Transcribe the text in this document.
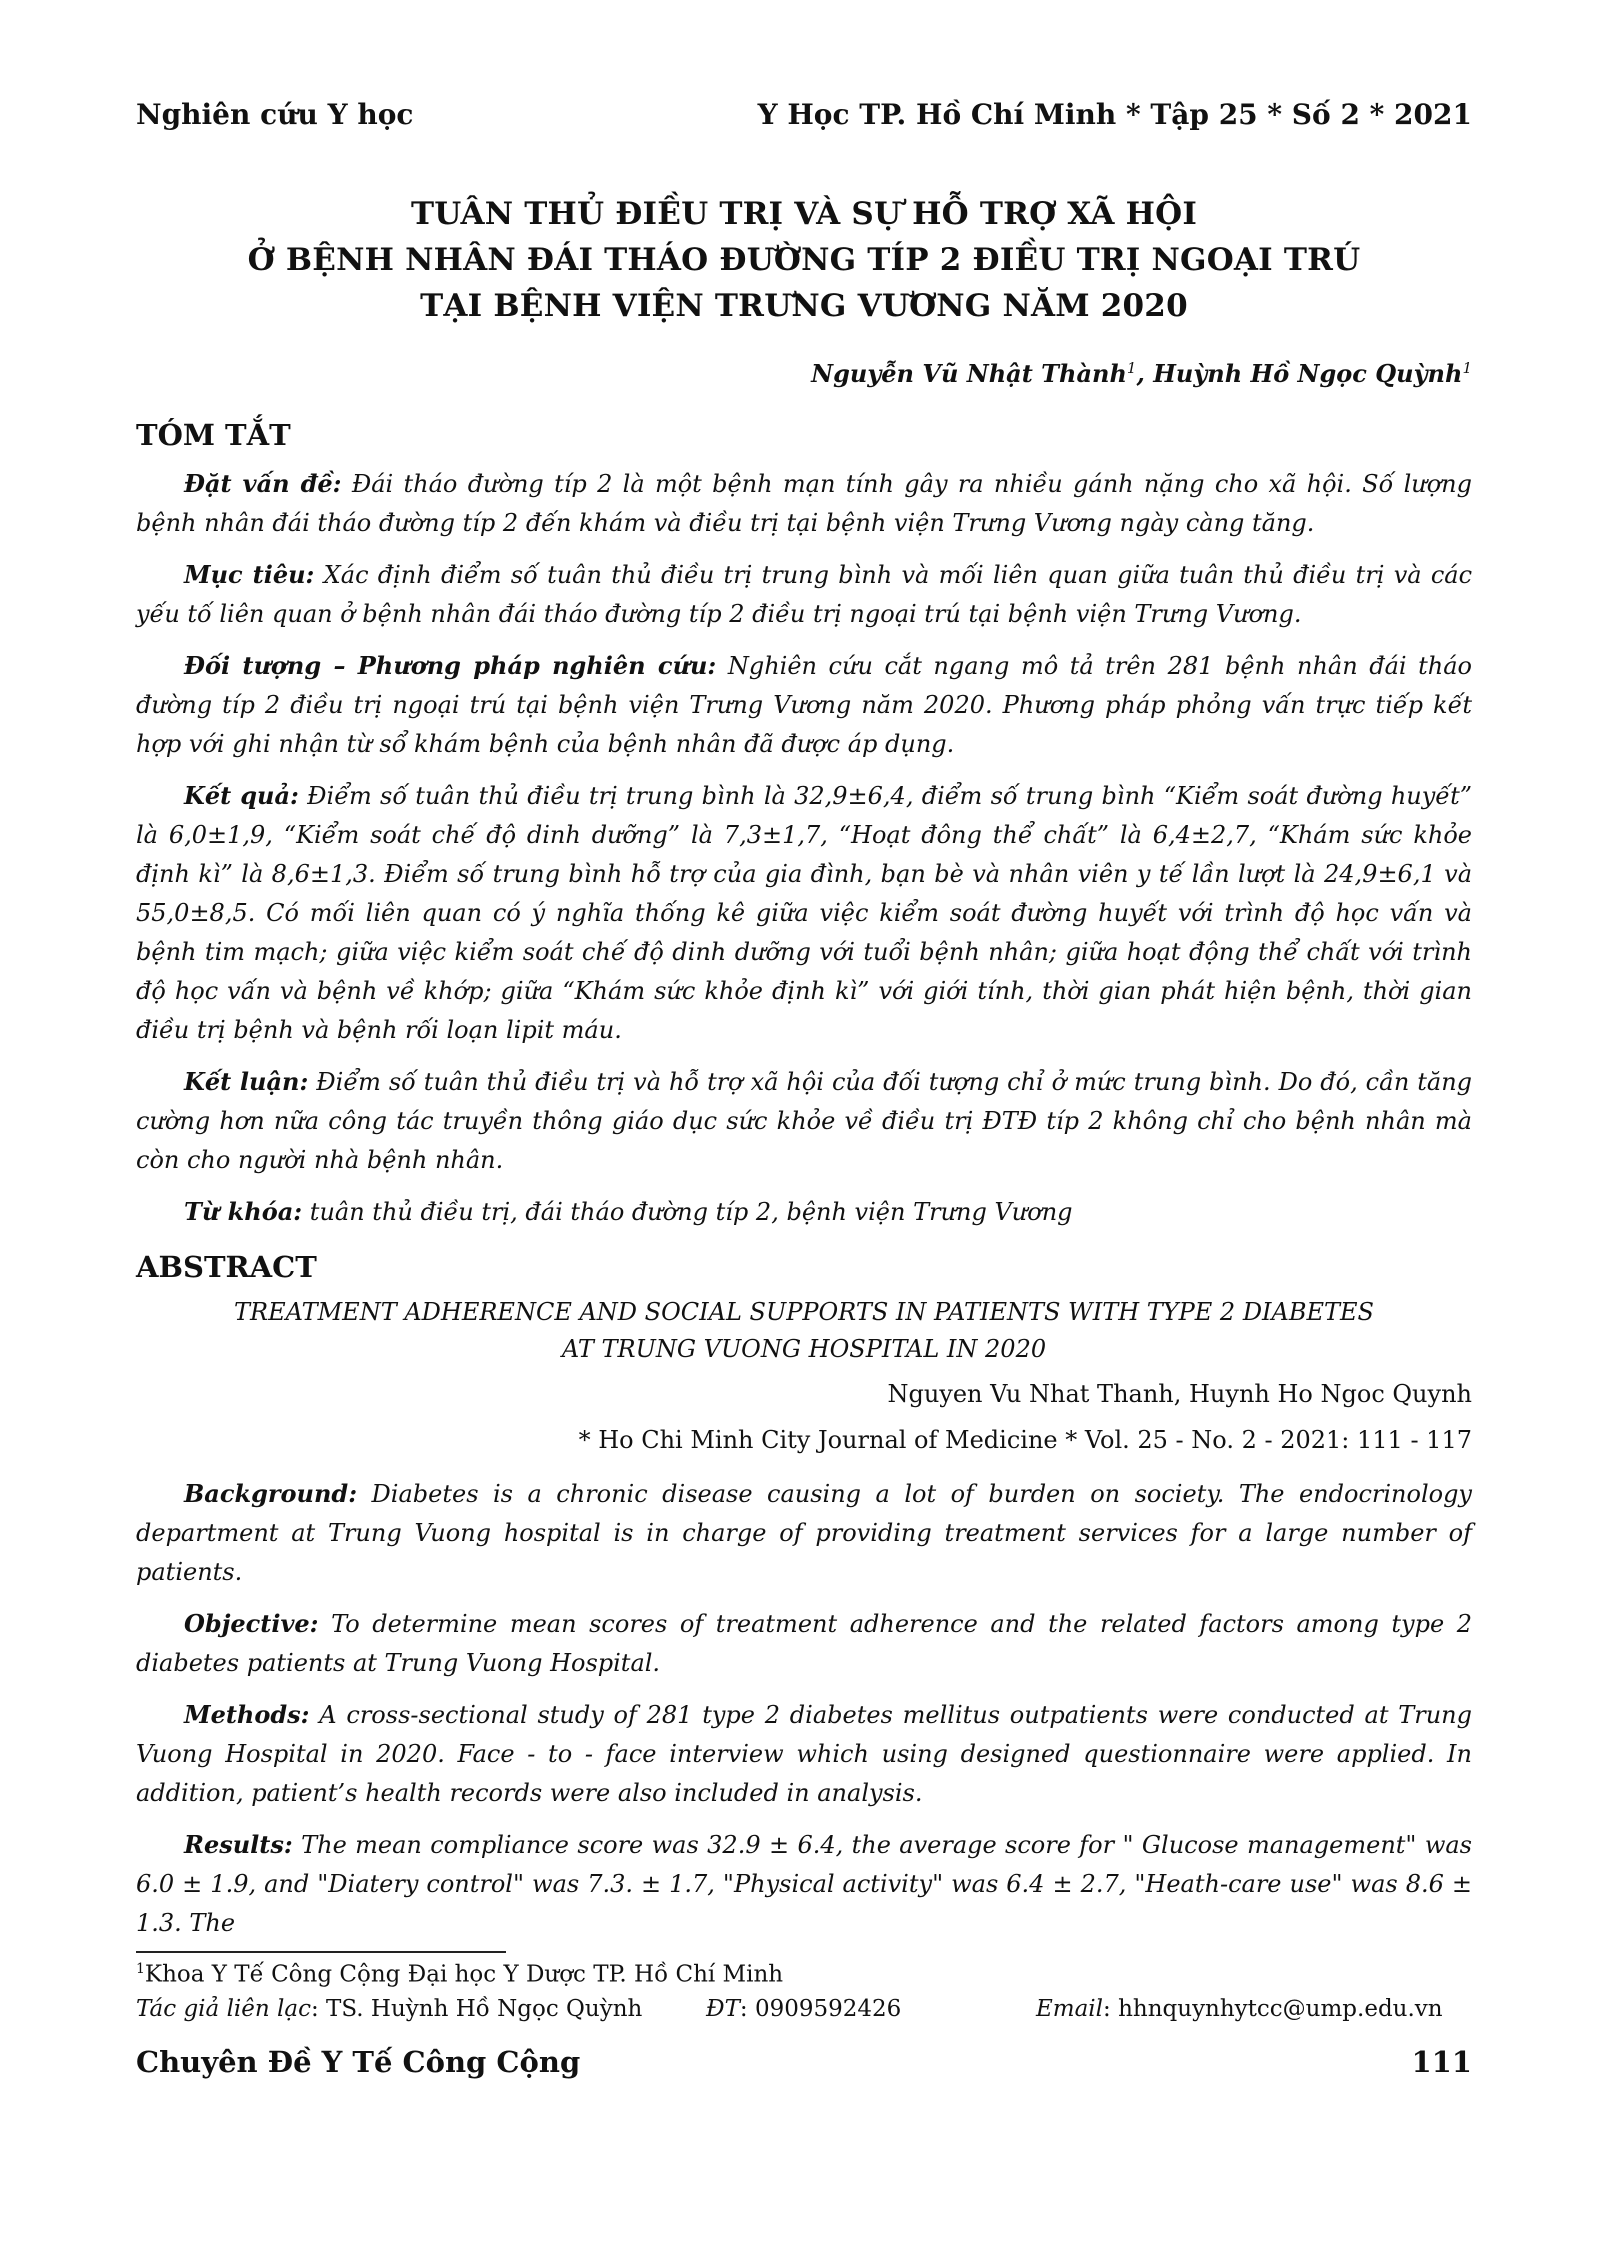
Nghiên cứu Y học	Y Học TP. Hồ Chí Minh * Tập 25 * Số 2 * 2021
TUÂN THỦ ĐIỀU TRỊ VÀ SỰ HỖ TRỢ XÃ HỘI
Ở BỆNH NHÂN ĐÁI THÁO ĐƯỜNG TÍP 2 ĐIỀU TRỊ NGOẠI TRÚ
TẠI BỆNH VIỆN TRƯNG VƯƠNG NĂM 2020
Nguyễn Vũ Nhật Thành$^1$, Huỳnh Hồ Ngọc Quỳnh$^1$
TÓM TẮT

Đặt vấn đề: Đái tháo đường típ 2 là một bệnh mạn tính gây ra nhiều gánh nặng cho xã hội. Số lượng bệnh nhân đái tháo đường típ 2 đến khám và điều trị tại bệnh viện Trưng Vương ngày càng tăng.

Mục tiêu: Xác định điểm số tuân thủ điều trị trung bình và mối liên quan giữa tuân thủ điều trị và các yếu tố liên quan ở bệnh nhân đái tháo đường típ 2 điều trị ngoại trú tại bệnh viện Trưng Vương.

Đối tượng – Phương pháp nghiên cứu: Nghiên cứu cắt ngang mô tả trên 281 bệnh nhân đái tháo đường típ 2 điều trị ngoại trú tại bệnh viện Trưng Vương năm 2020. Phương pháp phỏng vấn trực tiếp kết hợp với ghi nhận từ sổ khám bệnh của bệnh nhân đã được áp dụng.

Kết quả: Điểm số tuân thủ điều trị trung bình là 32,9±6,4, điểm số trung bình “Kiểm soát đường huyết” là 6,0±1,9, “Kiểm soát chế độ dinh dưỡng” là 7,3±1,7, “Hoạt đông thể chất” là 6,4±2,7, “Khám sức khỏe định kì” là 8,6±1,3. Điểm số trung bình hỗ trợ của gia đình, bạn bè và nhân viên y tế lần lượt là 24,9±6,1 và 55,0±8,5. Có mối liên quan có ý nghĩa thống kê giữa việc kiểm soát đường huyết với trình độ học vấn và bệnh tim mạch; giữa việc kiểm soát chế độ dinh dưỡng với tuổi bệnh nhân; giữa hoạt động thể chất với trình độ học vấn và bệnh về khớp; giữa “Khám sức khỏe định kì” với giới tính, thời gian phát hiện bệnh, thời gian điều trị bệnh và bệnh rối loạn lipit máu.

Kết luận: Điểm số tuân thủ điều trị và hỗ trợ xã hội của đối tượng chỉ ở mức trung bình. Do đó, cần tăng cường hơn nữa công tác truyền thông giáo dục sức khỏe về điều trị ĐTĐ típ 2 không chỉ cho bệnh nhân mà còn cho người nhà bệnh nhân.

Từ khóa: tuân thủ điều trị, đái tháo đường típ 2, bệnh viện Trưng Vương

ABSTRACT
TREATMENT ADHERENCE AND SOCIAL SUPPORTS IN PATIENTS WITH TYPE 2 DIABETES
AT TRUNG VUONG HOSPITAL IN 2020
Nguyen Vu Nhat Thanh, Huynh Ho Ngoc Quynh
* Ho Chi Minh City Journal of Medicine * Vol. 25 - No. 2 - 2021: 111 - 117

Background: Diabetes is a chronic disease causing a lot of burden on society. The endocrinology department at Trung Vuong hospital is in charge of providing treatment services for a large number of patients.

Objective: To determine mean scores of treatment adherence and the related factors among type 2 diabetes patients at Trung Vuong Hospital.

Methods: A cross-sectional study of 281 type 2 diabetes mellitus outpatients were conducted at Trung Vuong Hospital in 2020. Face - to - face interview which using designed questionnaire were applied. In addition, patient’s health records were also included in analysis.

Results: The mean compliance score was 32.9 ± 6.4, the average score for " Glucose management" was 6.0 ± 1.9, and "Diatery control" was 7.3. ± 1.7, "Physical activity" was 6.4 ± 2.7, "Heath-care use" was 8.6 ± 1.3. The

$^1$Khoa Y Tế Công Cộng Đại học Y Dược TP. Hồ Chí Minh
Tác giả liên lạc: TS. Huỳnh Hồ Ngọc Quỳnh	ĐT: 0909592426	Email: hhnquynhytcc@ump.edu.vn
Chuyên Đề Y Tế Công Cộng	111
